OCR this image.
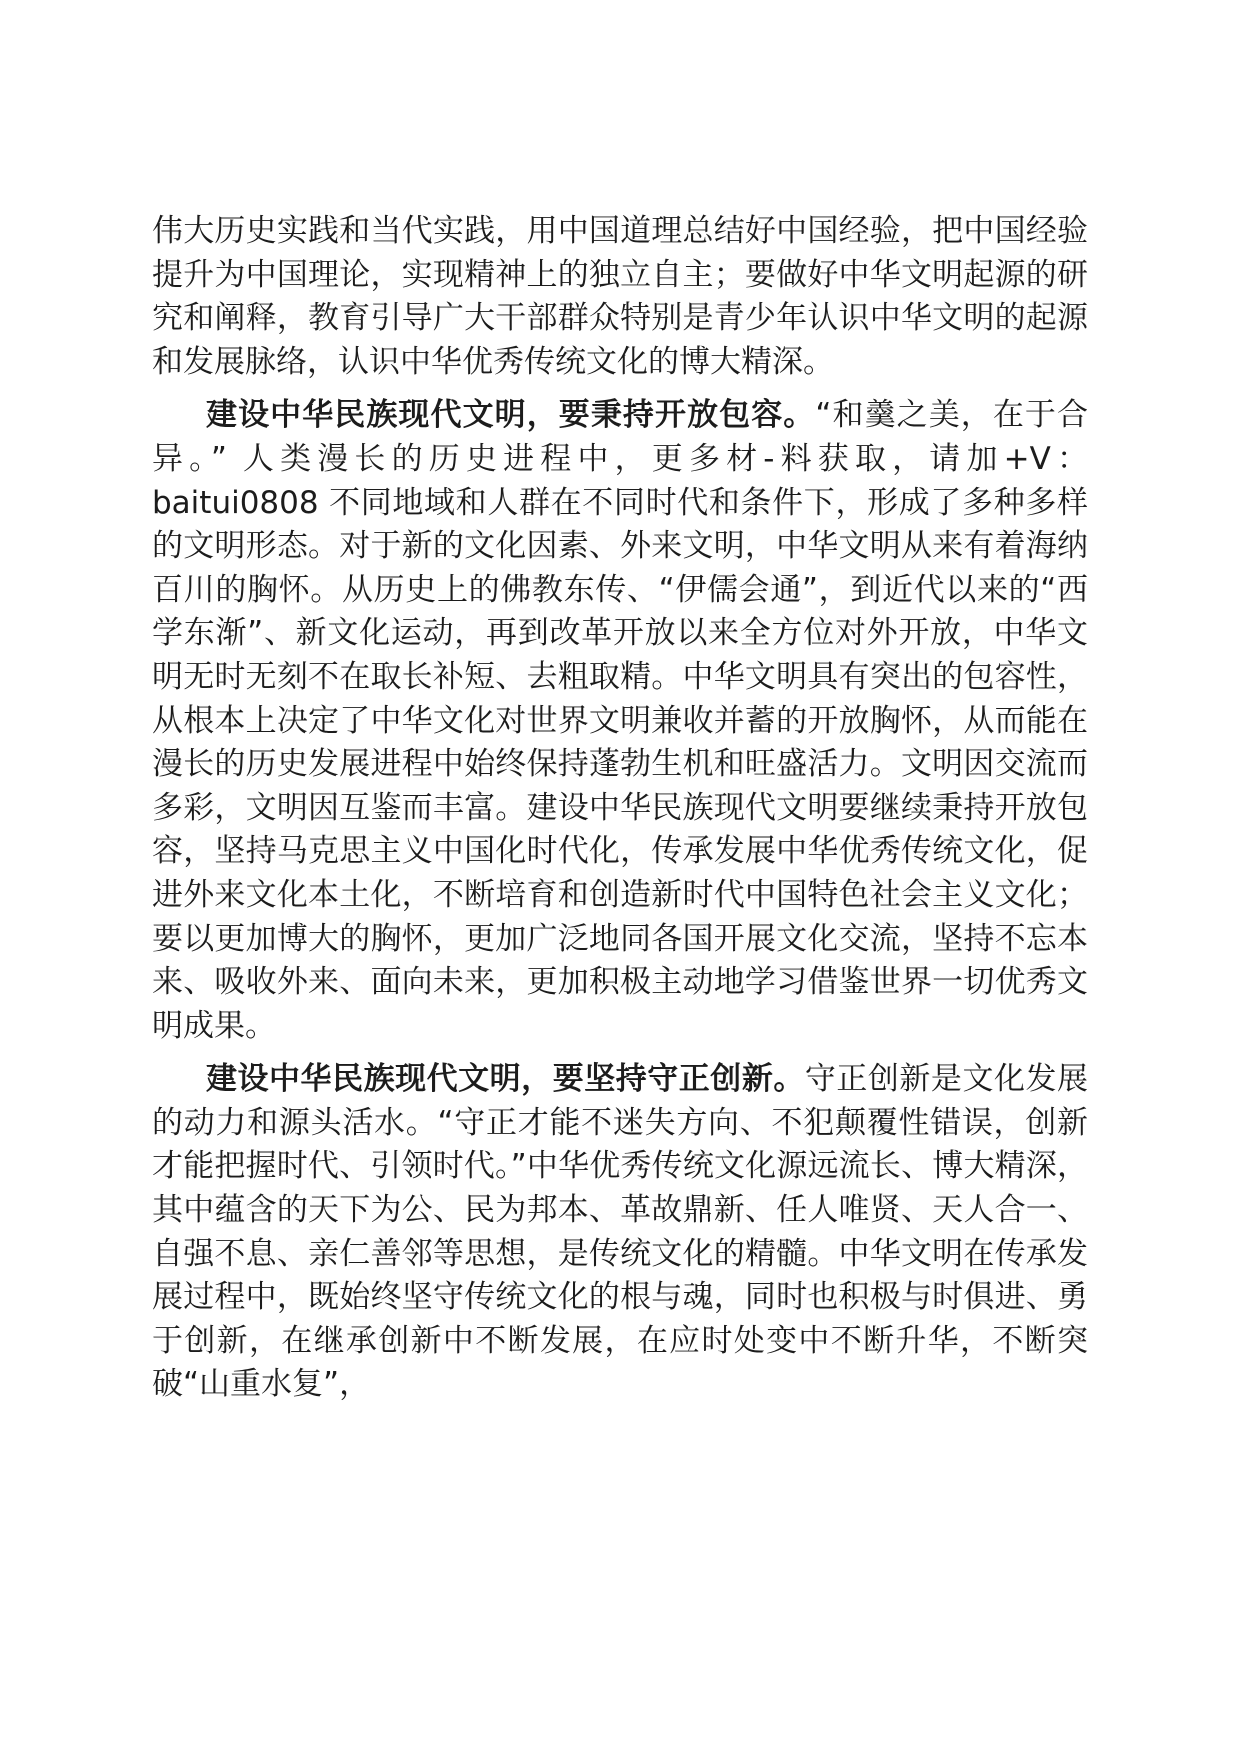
伟大历史实践和当代实践，用中国道理总结好中国经验，把中国经验提升为中国理论，实现精神上的独立自主；要做好中华文明起源的研究和阐释，教育引导广大干部群众特别是青少年认识中华文明的起源和发展脉络，认识中华优秀传统文化的博大精深。

建设中华民族现代文明，要秉持开放包容。“和羹之美，在于合异。” 人类漫长的历史进程中，更多材-料获取，请加+V：baitui0808 不同地域和人群在不同时代和条件下，形成了多种多样的文明形态。对于新的文化因素、外来文明，中华文明从来有着海纳百川的胸怀。从历史上的佛教东传、“伊儒会通”，到近代以来的“西学东渐”、新文化运动，再到改革开放以来全方位对外开放，中华文明无时无刻不在取长补短、去粗取精。中华文明具有突出的包容性，从根本上决定了中华文化对世界文明兼收并蓄的开放胸怀，从而能在漫长的历史发展进程中始终保持蓬勃生机和旺盛活力。文明因交流而多彩，文明因互鉴而丰富。建设中华民族现代文明要继续秉持开放包容，坚持马克思主义中国化时代化，传承发展中华优秀传统文化，促进外来文化本土化，不断培育和创造新时代中国特色社会主义文化；要以更加博大的胸怀，更加广泛地同各国开展文化交流，坚持不忘本来、吸收外来、面向未来，更加积极主动地学习借鉴世界一切优秀文明成果。

建设中华民族现代文明，要坚持守正创新。守正创新是文化发展的动力和源头活水。“守正才能不迷失方向、不犯颠覆性错误，创新才能把握时代、引领时代。”中华优秀传统文化源远流长、博大精深，其中蕴含的天下为公、民为邦本、革故鼎新、任人唯贤、天人合一、自强不息、亲仁善邻等思想，是传统文化的精髓。中华文明在传承发展过程中，既始终坚守传统文化的根与魂，同时也积极与时俱进、勇于创新，在继承创新中不断发展，在应时处变中不断升华，不断突破“山重水复”，
